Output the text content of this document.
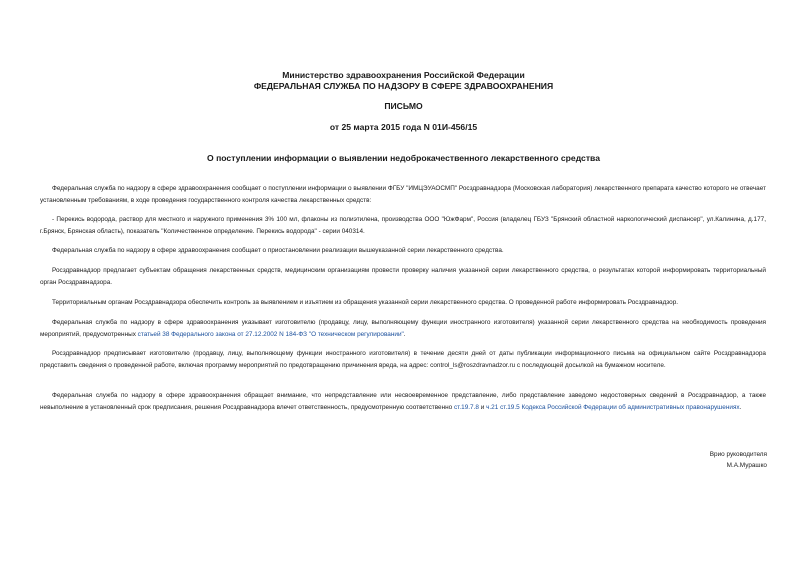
Министерство здравоохранения Российской Федерации
ФЕДЕРАЛЬНАЯ СЛУЖБА ПО НАДЗОРУ В СФЕРЕ ЗДРАВООХРАНЕНИЯ
ПИСЬМО
от 25 марта 2015 года N 01И-456/15
О поступлении информации о выявлении недоброкачественного лекарственного средства

Федеральная служба по надзору в сфере здравоохранения сообщает о поступлении информации о выявлении ФГБУ "ИМЦЭУАОСМП" Росздравнадзора (Московская лаборатория) лекарственного препарата качество которого не отвечает установленным требованиям, в ходе проведения государственного контроля качества лекарственных средств:

- Перекись водорода, раствор для местного и наружного применения 3% 100 мл, флаконы из полиэтилена, производства ООО "ЮжФарм", Россия (владелец ГБУЗ "Брянский областной наркологический диспансер", ул.Калинина, д.177, г.Брянск, Брянская область), показатель "Количественное определение. Перекись водорода" - серии 040314.

Федеральная служба по надзору в сфере здравоохранения сообщает о приостановлении реализации вышеуказанной серии лекарственного средства.

Росздравнадзор предлагает субъектам обращения лекарственных средств, медицинским организациям провести проверку наличия указанной серии лекарственного средства, о результатах которой информировать территориальный орган Росздравнадзора.

Территориальным органам Росздравнадзора обеспечить контроль за выявлением и изъятием из обращения указанной серии лекарственного средства. О проведенной работе информировать Росздравнадзор.

Федеральная служба по надзору в сфере здравоохранения указывает изготовителю (продавцу, лицу, выполняющему функции иностранного изготовителя) указанной серии лекарственного средства на необходимость проведения мероприятий, предусмотренных статьей 38 Федерального закона от 27.12.2002 N 184-ФЗ "О техническом регулировании".

Росздравнадзор предписывает изготовителю (продавцу, лицу, выполняющему функции иностранного изготовителя) в течение десяти дней от даты публикации информационного письма на официальном сайте Росздравнадзора представить сведения о проведенной работе, включая программу мероприятий по предотвращению причинения вреда, на адрес: control_ls@roszdravnadzor.ru с последующей досылкой на бумажном носителе.

Федеральная служба по надзору в сфере здравоохранения обращает внимание, что непредставление или несвоевременное представление, либо представление заведомо недостоверных сведений в Росздравнадзор, а также невыполнение в установленный срок предписания, решения Росздравнадзора влечет ответственность, предусмотренную соответственно ст.19.7.8 и ч.21 ст.19.5 Кодекса Российской Федерации об административных правонарушениях.

Врио руководителя
М.А.Мурашко
